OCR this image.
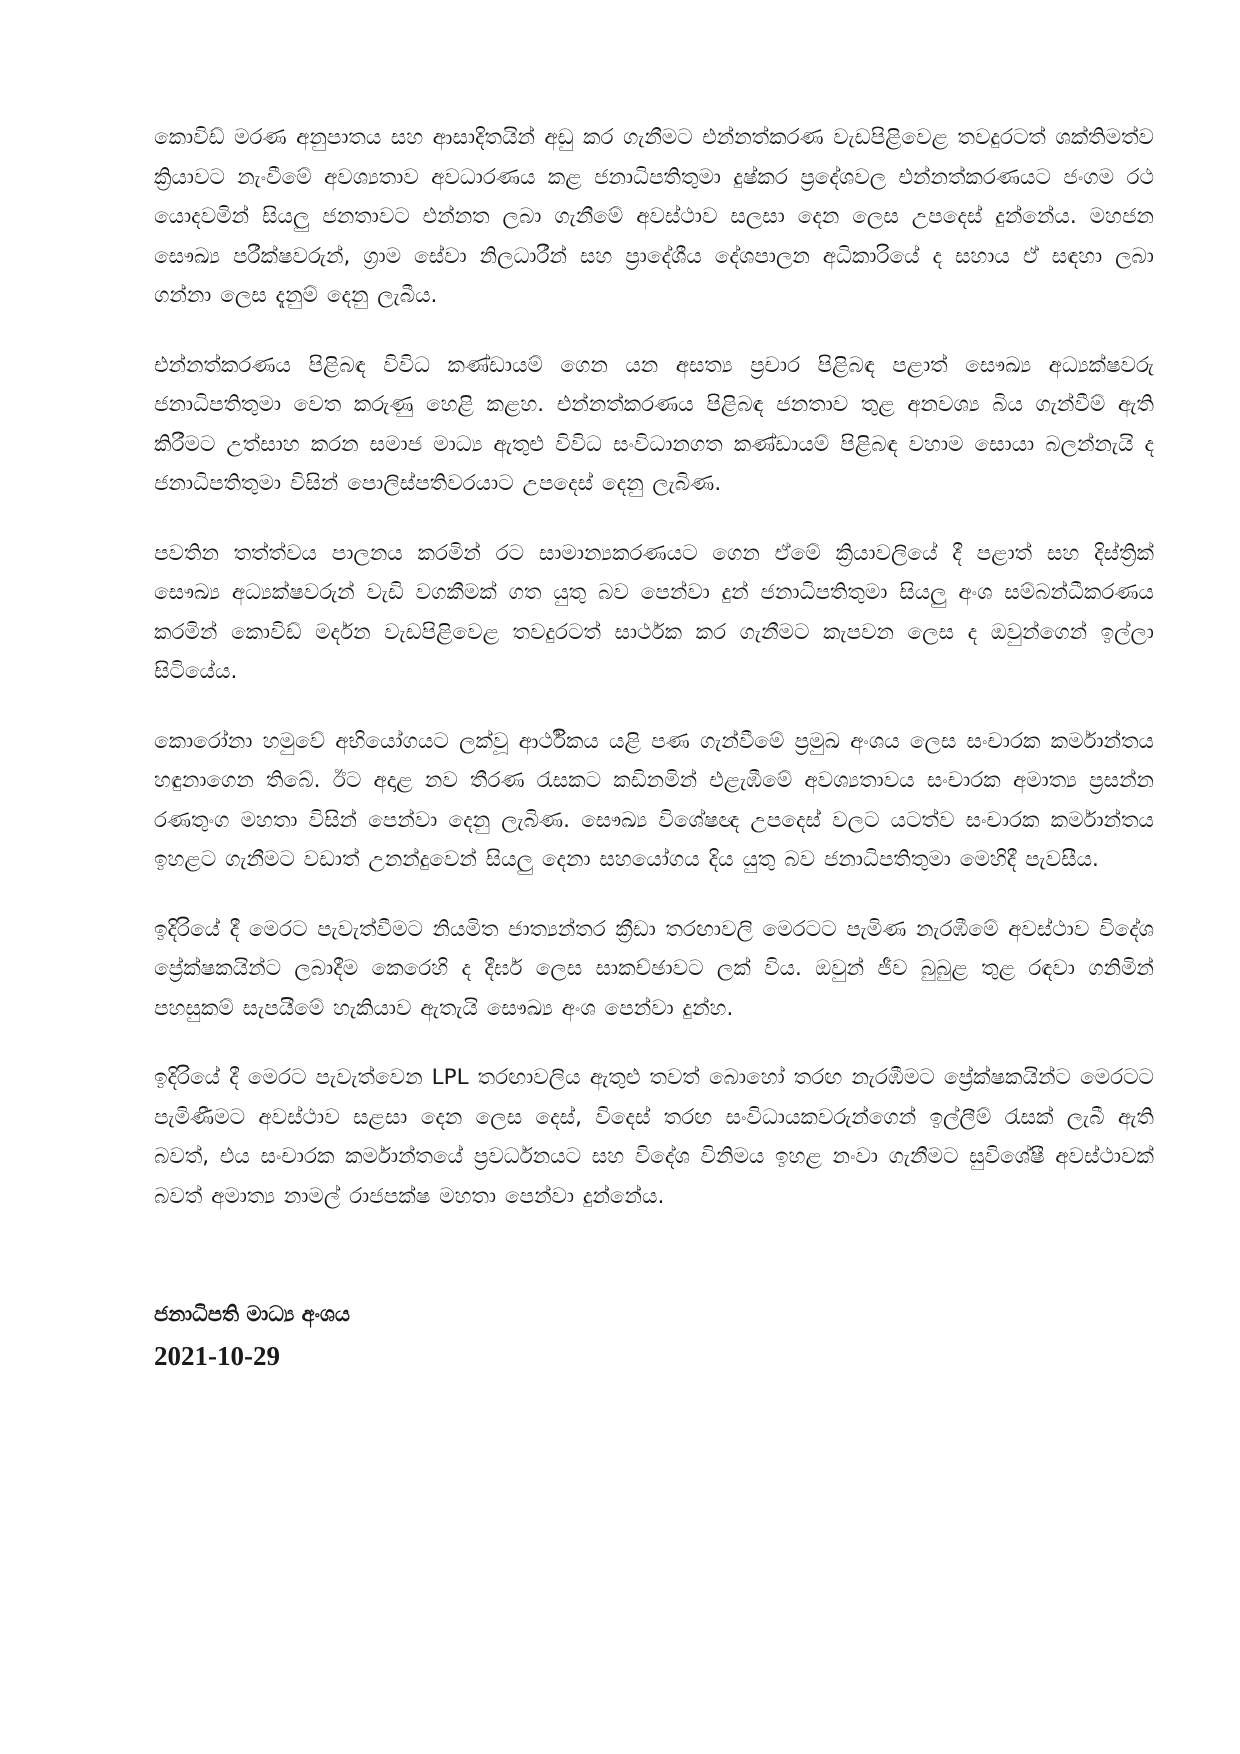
කොවිඩ් මරණ අනුපාතය සහ ආසාදිතයින් අඩු කර ගැනීමට එන්නත්කරණ වැඩපිළිවෙළ තවදුරටත් ශක්තිමත්ව ක්‍රියාවට නැංවීමේ අවශ්‍යතාව අවධාරණය කළ ජනාධිපතිතුමා දුෂ්කර ප්‍රදේශවල එන්නත්කරණයට ජංගම රථ යොදවමින් සියලු ජනතාවට එන්නත ලබා ගැනීමේ අවස්ථාව සලසා දෙන ලෙස උපදෙස් දුන්නේය. මහජන සෞඛ්‍ය පරීක්ෂවරුන්, ග්‍රාම සේවා නිලධාරීන් සහ ප්‍රාදේශීය දේශපාලන අධිකාරියේ ද සහාය ඒ සඳහා ලබා ගන්නා ලෙස දැනුම් දෙනු ලැබීය.

එන්නත්කරණය පිළිබඳ විවිධ කණ්ඩායම් ගෙන යන අසත්‍ය ප්‍රචාර පිළිබඳ පළාත් සෞඛ්‍ය අධ්‍යක්ෂවරු ජනාධිපතිතුමා වෙත කරුණු හෙළි කළහ. එන්නත්කරණය පිළිබඳ ජනතාව තුළ අනවශ්‍ය බිය ගැන්වීම් ඇති කිරීමට උත්සාහ කරන සමාජ මාධ්‍ය ඇතුළු විවිධ සංවිධානගත කණ්ඩායම් පිළිබඳ වහාම සොයා බලන්නැයි ද ජනාධිපතිතුමා විසින් පොලිස්පතිවරයාට උපදෙස් දෙනු ලැබිණ.

පවතින තත්ත්වය පාලනය කරමින් රට සාමාන්‍යකරණයට ගෙන ඒමේ ක්‍රියාවලියේ දී පළාත් සහ දිස්ත්‍රික් සෞඛ්‍ය අධ්‍යක්ෂවරුන් වැඩි වගකීමක් ගත යුතු බව පෙන්වා දුන් ජනාධිපතිතුමා සියලු අංශ සම්බන්ධීකරණය කරමින් කොවිඩ් මර්දන වැඩපිළිවෙළ තවදුරටත් සාර්ථක කර ගැනීමට කැපවන ලෙස ද ඔවුන්ගෙන් ඉල්ලා සිටියේය.

කොරෝනා හමුවේ අභියෝගයට ලක්වූ ආර්ථිකය යළි පණ ගැන්වීමේ ප්‍රමුඛ අංශය ලෙස සංචාරක කර්මාන්තය හඳුනාගෙන තිබේ. ඊට අදාළ නව තීරණ රැසකට කඩිනමින් එළැඹීමේ අවශ්‍යතාවය සංචාරක අමාත්‍ය ප්‍රසන්න රණතුංග මහතා විසින් පෙන්වා දෙනු ලැබිණ. සෞඛ්‍ය විශේෂඥ උපදෙස් වලට යටත්ව සංචාරක කර්මාන්තය ඉහළට ගැනීමට වඩාත් උනන්දුවෙන් සියලු දෙනා සහයෝගය දිය යුතු බව ජනාධිපතිතුමා මෙහිදී පැවසීය.

ඉදිරියේ දී මෙරට පැවැත්වීමට නියමිත ජාත්‍යන්තර ක්‍රීඩා තරඟාවලි මෙරටට පැමිණ නැරඹීමේ අවස්ථාව විදේශ ප්‍රේක්ෂකයින්ට ලබාදීම කෙරෙහි ද දීර්ඝ ලෙස සාකච්ඡාවට ලක් විය. ඔවුන් ජීව බුබුළ තුළ රඳවා ගනිමින් පහසුකම් සැපයීමේ හැකියාව ඇතැයි සෞඛ්‍ය අංශ පෙන්වා දුන්හ.

ඉදිරියේ දී මෙරට පැවැත්වෙන LPL තරඟාවලිය ඇතුළු තවත් බොහෝ තරඟ නැරඹීමට ප්‍රේක්ෂකයින්ට මෙරටට පැමිණීමට අවස්ථාව සළසා දෙන ලෙස දෙස්, විදෙස් තරඟ සංවිධායකවරුන්ගෙන් ඉල්ලීම් රැසක් ලැබී ඇති බවත්, එය සංචාරක කර්මාන්තයේ ප්‍රවර්ධනයට සහ විදේශ විනිමය ඉහළ නංවා ගැනීමට සුවිශේෂී අවස්ථාවක් බවත් අමාත්‍ය නාමල් රාජපක්ෂ මහතා පෙන්වා දුන්නේය.

ජනාධිපති මාධ්‍ය අංශය

2021-10-29
